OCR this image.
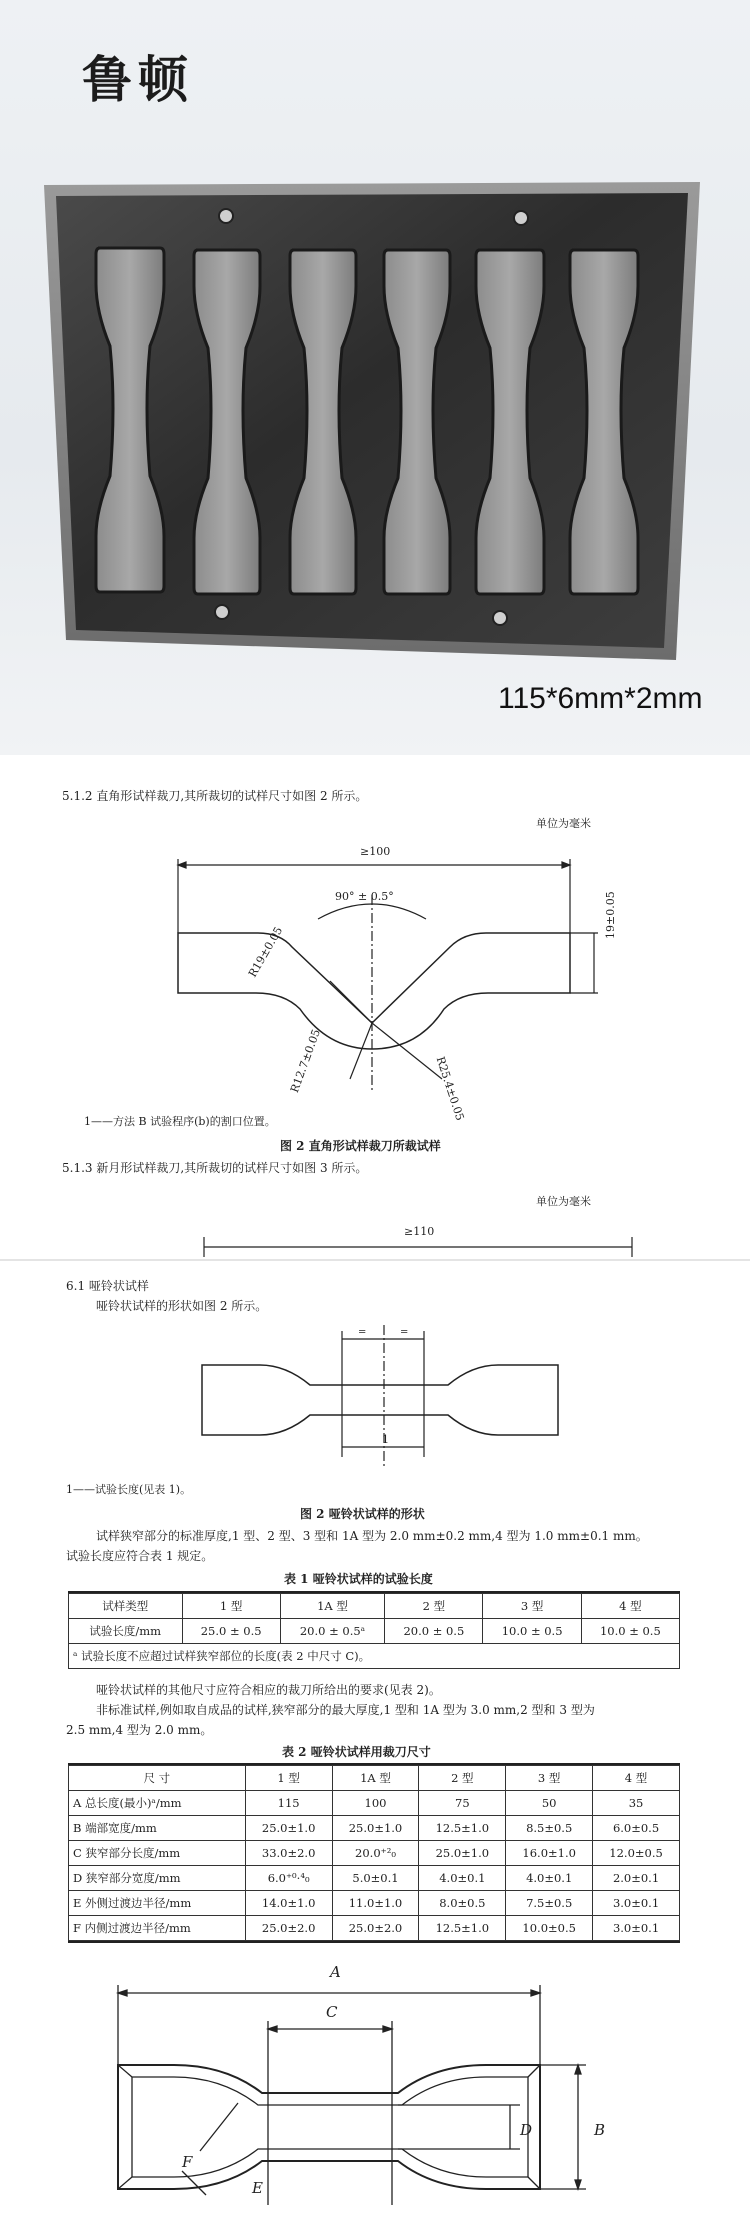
鲁顿
115*6mm*2mm
5.1.2 直角形试样裁刀,其所裁切的试样尺寸如图 2 所示。
单位为毫米
≥100
90° ± 0.5°
R19±0.05
R12.7±0.05	R25.4±0.05
19±0.05
1——方法 B 试验程序(b)的割口位置。
图 2 直角形试样裁刀所裁试样
5.1.3 新月形试样裁刀,其所裁切的试样尺寸如图 3 所示。
单位为毫米
≥110
6.1 哑铃状试样
哑铃状试样的形状如图 2 所示。
=	=
1
1——试验长度(见表 1)。
图 2 哑铃状试样的形状
试样狭窄部分的标准厚度,1 型、2 型、3 型和 1A 型为 2.0 mm±0.2 mm,4 型为 1.0 mm±0.1 mm。
试验长度应符合表 1 规定。
表 1 哑铃状试样的试验长度
试样类型	1 型	1A 型	2 型	3 型	4 型
试验长度/mm	25.0 ± 0.5	20.0 ± 0.5ᵃ	20.0 ± 0.5	10.0 ± 0.5	10.0 ± 0.5
ᵃ 试验长度不应超过试样狭窄部位的长度(表 2 中尺寸 C)。					
哑铃状试样的其他尺寸应符合相应的裁刀所给出的要求(见表 2)。
非标准试样,例如取自成品的试样,狭窄部分的最大厚度,1 型和 1A 型为 3.0 mm,2 型和 3 型为
2.5 mm,4 型为 2.0 mm。
表 2 哑铃状试样用裁刀尺寸
尺 寸	1 型	1A 型	2 型	3 型	4 型
A 总长度(最小)ᵃ/mm	115	100	75	50	35
B 端部宽度/mm	25.0±1.0	25.0±1.0	12.5±1.0	8.5±0.5	6.0±0.5
C 狭窄部分长度/mm	33.0±2.0	20.0⁺²₀	25.0±1.0	16.0±1.0	12.0±0.5
D 狭窄部分宽度/mm	6.0⁺⁰·⁴₀	5.0±0.1	4.0±0.1	4.0±0.1	2.0±0.1
E 外侧过渡边半径/mm	14.0±1.0	11.0±1.0	8.0±0.5	7.5±0.5	3.0±0.1
F 内侧过渡边半径/mm	25.0±2.0	25.0±2.0	12.5±1.0	10.0±0.5	3.0±0.1
A
C
B
D
F
E
